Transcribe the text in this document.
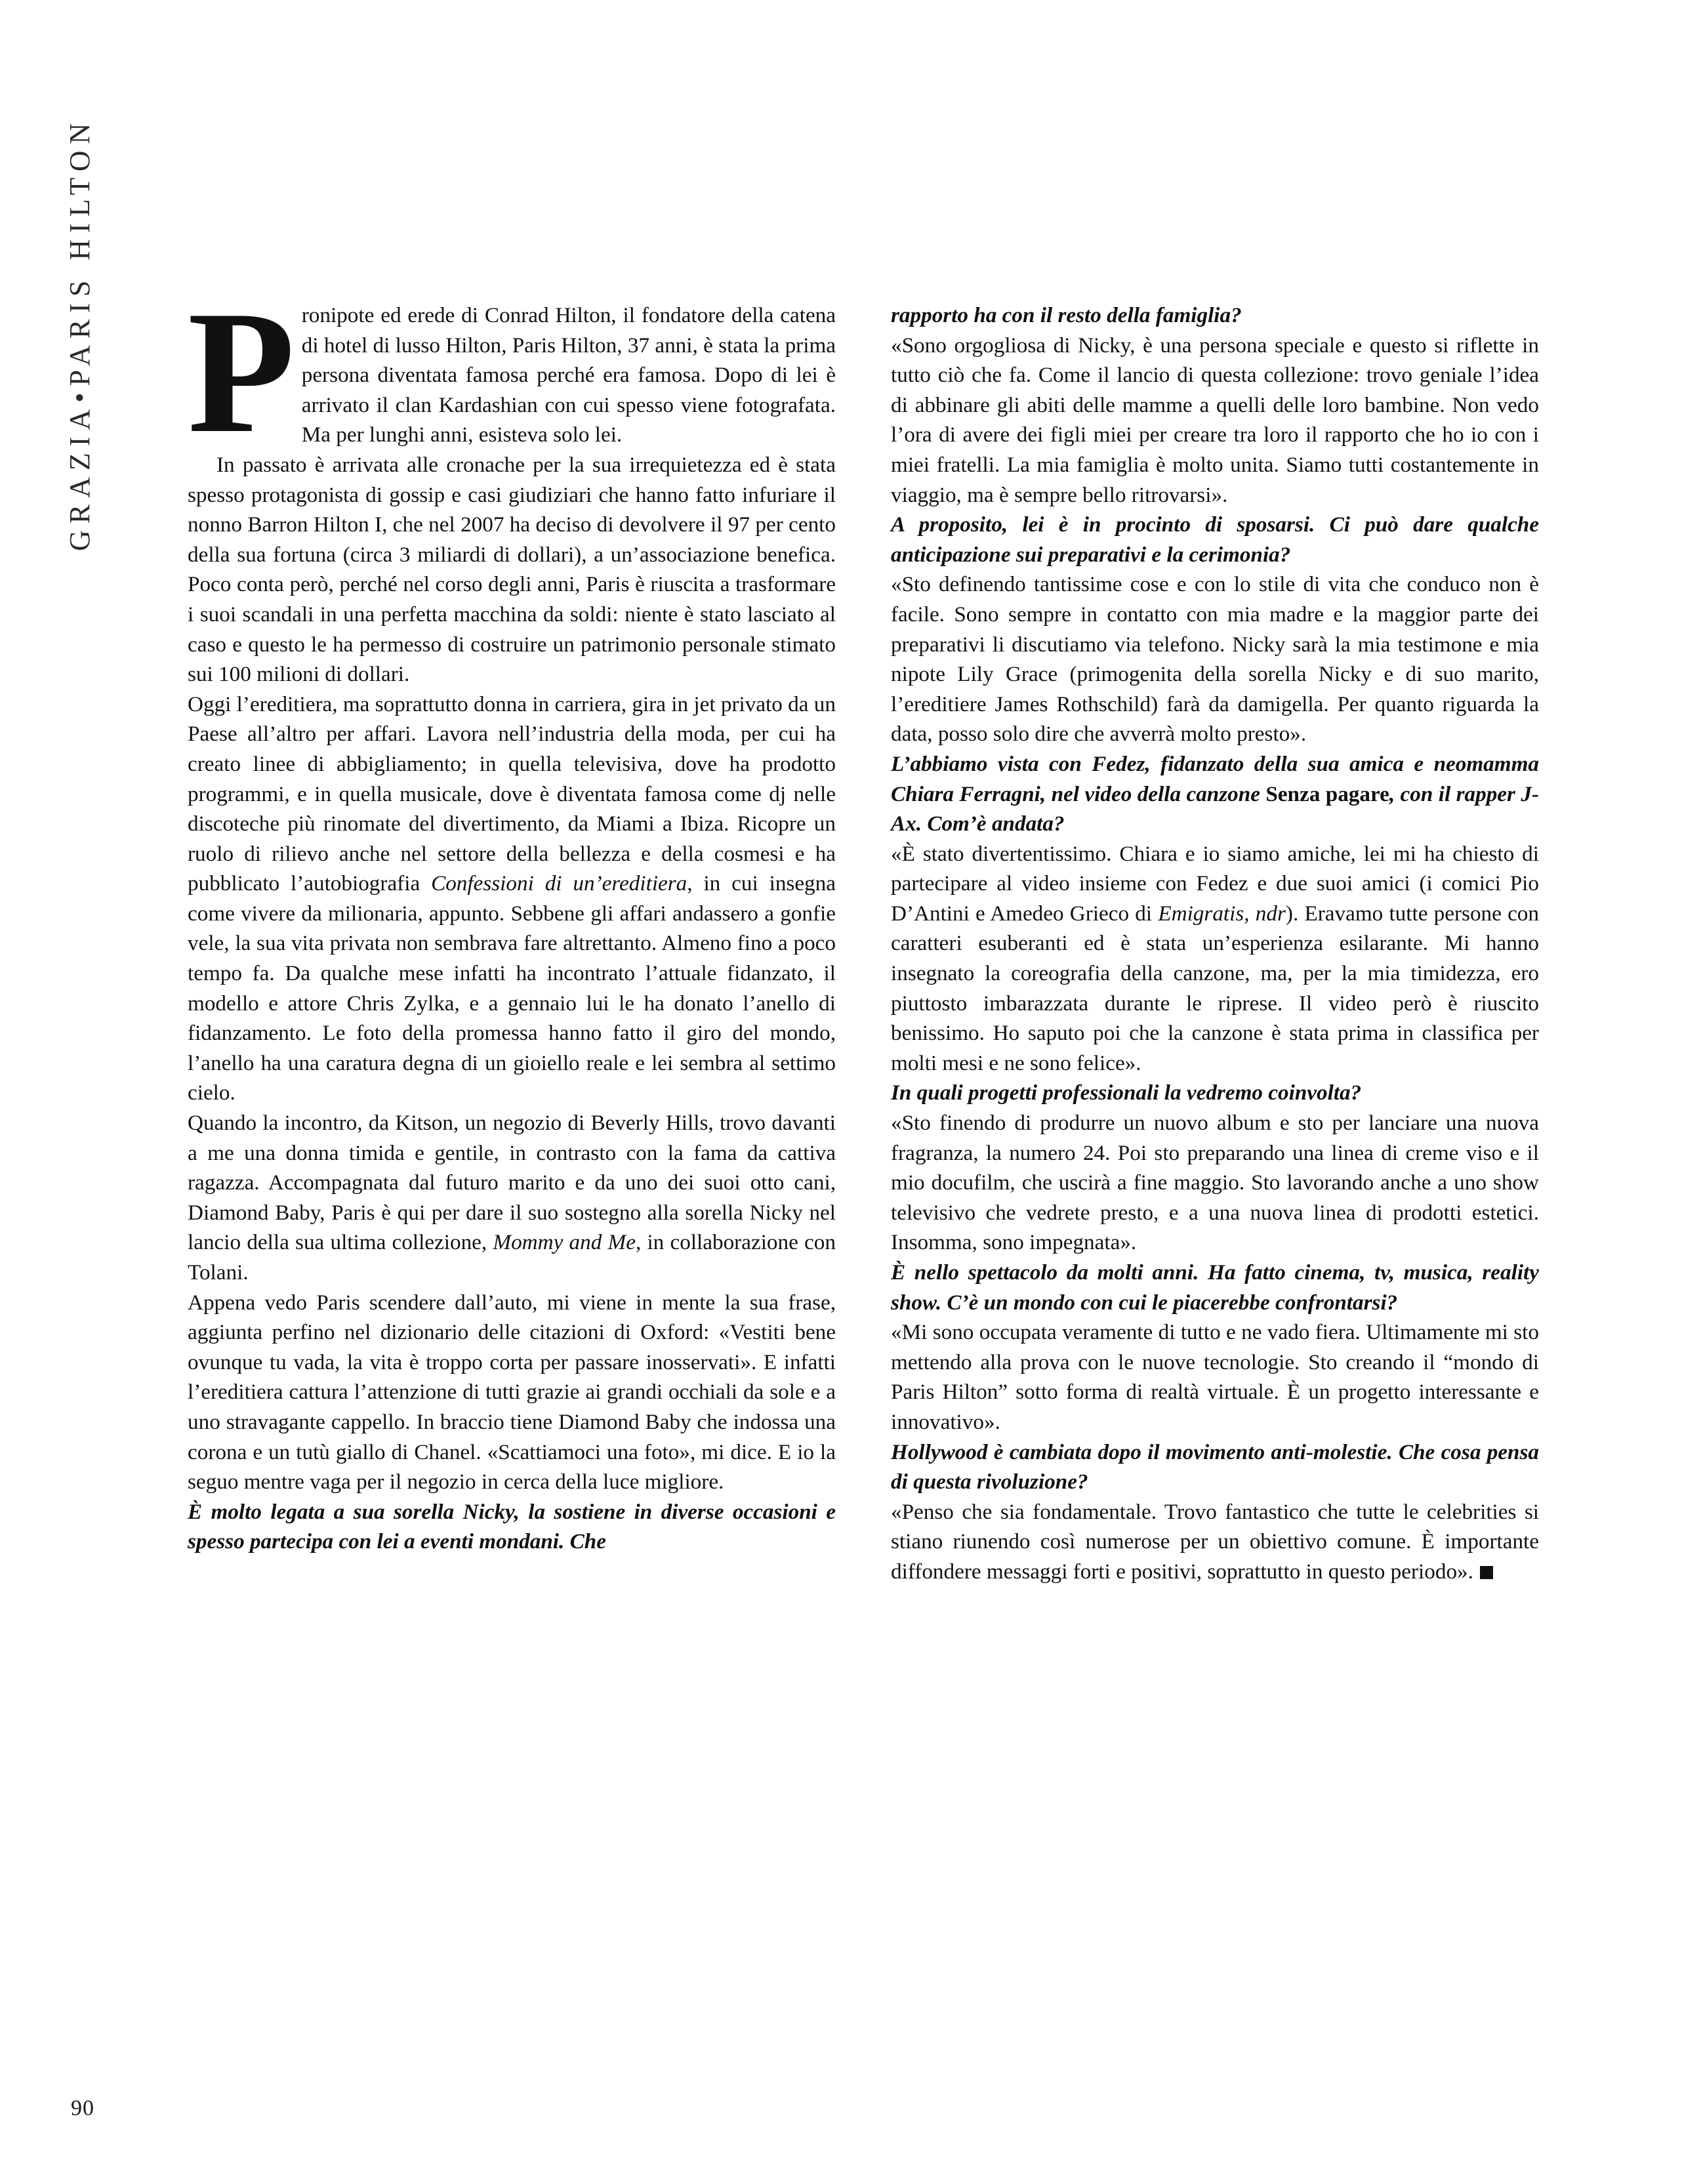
GRAZIA•PARIS HILTON
90

Pronipote ed erede di Conrad Hilton, il fondatore della catena di hotel di lusso Hilton, Paris Hilton, 37 anni, è stata la prima persona diventata famosa perché era famosa. Dopo di lei è arrivato il clan Kardashian con cui spesso viene fotografata. Ma per lunghi anni, esisteva solo lei.

In passato è arrivata alle cronache per la sua irrequietezza ed è stata spesso protagonista di gossip e casi giudiziari che hanno fatto infuriare il nonno Barron Hilton I, che nel 2007 ha deciso di devolvere il 97 per cento della sua fortuna (circa 3 miliardi di dollari), a un’associazione benefica. Poco conta però, perché nel corso degli anni, Paris è riuscita a trasformare i suoi scandali in una perfetta macchina da soldi: niente è stato lasciato al caso e questo le ha permesso di costruire un patrimonio personale stimato sui 100 milioni di dollari.

Oggi l’ereditiera, ma soprattutto donna in carriera, gira in jet privato da un Paese all’altro per affari. Lavora nell’industria della moda, per cui ha creato linee di abbigliamento; in quella televisiva, dove ha prodotto programmi, e in quella musicale, dove è diventata famosa come dj nelle discoteche più rinomate del divertimento, da Miami a Ibiza. Ricopre un ruolo di rilievo anche nel settore della bellezza e della cosmesi e ha pubblicato l’autobiografia Confessioni di un’ereditiera, in cui insegna come vivere da milionaria, appunto. Sebbene gli affari andassero a gonfie vele, la sua vita privata non sembrava fare altrettanto. Almeno fino a poco tempo fa. Da qualche mese infatti ha incontrato l’attuale fidanzato, il modello e attore Chris Zylka, e a gennaio lui le ha donato l’anello di fidanzamento. Le foto della promessa hanno fatto il giro del mondo, l’anello ha una caratura degna di un gioiello reale e lei sembra al settimo cielo.

Quando la incontro, da Kitson, un negozio di Beverly Hills, trovo davanti a me una donna timida e gentile, in contrasto con la fama da cattiva ragazza. Accompagnata dal futuro marito e da uno dei suoi otto cani, Diamond Baby, Paris è qui per dare il suo sostegno alla sorella Nicky nel lancio della sua ultima collezione, Mommy and Me, in collaborazione con Tolani.

Appena vedo Paris scendere dall’auto, mi viene in mente la sua frase, aggiunta perfino nel dizionario delle citazioni di Oxford: «Vestiti bene ovunque tu vada, la vita è troppo corta per passare inosservati». E infatti l’ereditiera cattura l’attenzione di tutti grazie ai grandi occhiali da sole e a uno stravagante cappello. In braccio tiene Diamond Baby che indossa una corona e un tutù giallo di Chanel. «Scattiamoci una foto», mi dice. E io la seguo mentre vaga per il negozio in cerca della luce migliore.

È molto legata a sua sorella Nicky, la sostiene in diverse occasioni e spesso partecipa con lei a eventi mondani. Che

rapporto ha con il resto della famiglia?

«Sono orgogliosa di Nicky, è una persona speciale e questo si riflette in tutto ciò che fa. Come il lancio di questa collezione: trovo geniale l’idea di abbinare gli abiti delle mamme a quelli delle loro bambine. Non vedo l’ora di avere dei figli miei per creare tra loro il rapporto che ho io con i miei fratelli. La mia famiglia è molto unita. Siamo tutti costantemente in viaggio, ma è sempre bello ritrovarsi».

A proposito, lei è in procinto di sposarsi. Ci può dare qualche anticipazione sui preparativi e la cerimonia?

«Sto definendo tantissime cose e con lo stile di vita che conduco non è facile. Sono sempre in contatto con mia madre e la maggior parte dei preparativi li discutiamo via telefono. Nicky sarà la mia testimone e mia nipote Lily Grace (primogenita della sorella Nicky e di suo marito, l’ereditiere James Rothschild) farà da damigella. Per quanto riguarda la data, posso solo dire che avverrà molto presto».

L’abbiamo vista con Fedez, fidanzato della sua amica e neomamma Chiara Ferragni, nel video della canzone Senza pagare, con il rapper J-Ax. Com’è andata?

«È stato divertentissimo. Chiara e io siamo amiche, lei mi ha chiesto di partecipare al video insieme con Fedez e due suoi amici (i comici Pio D’Antini e Amedeo Grieco di Emigratis, ndr). Eravamo tutte persone con caratteri esuberanti ed è stata un’esperienza esilarante. Mi hanno insegnato la coreografia della canzone, ma, per la mia timidezza, ero piuttosto imbarazzata durante le riprese. Il video però è riuscito benissimo. Ho saputo poi che la canzone è stata prima in classifica per molti mesi e ne sono felice».

In quali progetti professionali la vedremo coinvolta?

«Sto finendo di produrre un nuovo album e sto per lanciare una nuova fragranza, la numero 24. Poi sto preparando una linea di creme viso e il mio docufilm, che uscirà a fine maggio. Sto lavorando anche a uno show televisivo che vedrete presto, e a una nuova linea di prodotti estetici. Insomma, sono impegnata».

È nello spettacolo da molti anni. Ha fatto cinema, tv, musica, reality show. C’è un mondo con cui le piacerebbe confrontarsi?

«Mi sono occupata veramente di tutto e ne vado fiera. Ultimamente mi sto mettendo alla prova con le nuove tecnologie. Sto creando il “mondo di Paris Hilton” sotto forma di realtà virtuale. È un progetto interessante e innovativo».

Hollywood è cambiata dopo il movimento anti-molestie. Che cosa pensa di questa rivoluzione?

«Penso che sia fondamentale. Trovo fantastico che tutte le celebrities si stiano riunendo così numerose per un obiettivo comune. È importante diffondere messaggi forti e positivi, soprattutto in questo periodo».
